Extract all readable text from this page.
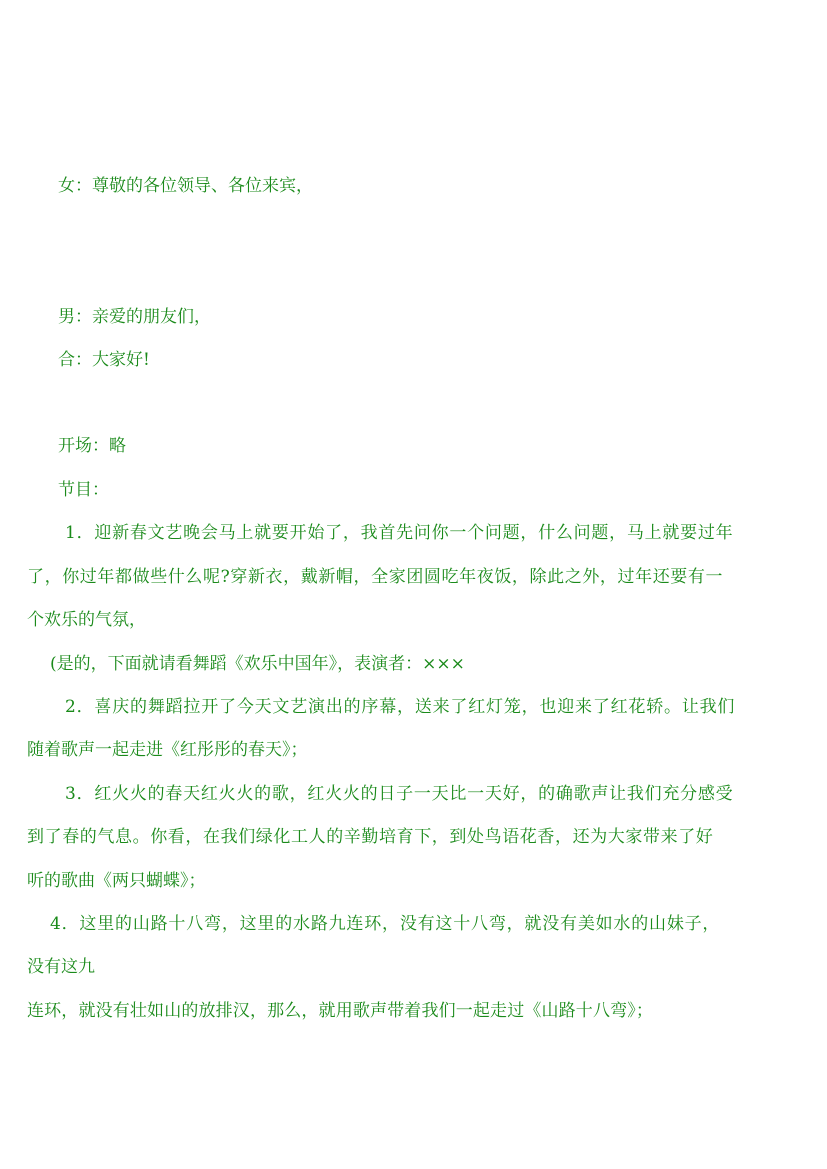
女：尊敬的各位领导、各位来宾，

男：亲爱的朋友们，

合：大家好!

开场：略

节目：

1．迎新春文艺晚会马上就要开始了，我首先问你一个问题，什么问题，马上就要过年

了，你过年都做些什么呢?穿新衣，戴新帽，全家团圆吃年夜饭，除此之外，过年还要有一

个欢乐的气氛，

(是的，下面就请看舞蹈《欢乐中国年》，表演者：×××

2．喜庆的舞蹈拉开了今天文艺演出的序幕，送来了红灯笼，也迎来了红花轿。让我们

随着歌声一起走进《红彤彤的春天》；

3．红火火的春天红火火的歌，红火火的日子一天比一天好，的确歌声让我们充分感受

到了春的气息。你看，在我们绿化工人的辛勤培育下，到处鸟语花香，还为大家带来了好

听的歌曲《两只蝴蝶》；

4．这里的山路十八弯，这里的水路九连环，没有这十八弯，就没有美如水的山妹子，

没有这九

连环，就没有壮如山的放排汉，那么，就用歌声带着我们一起走过《山路十八弯》；
